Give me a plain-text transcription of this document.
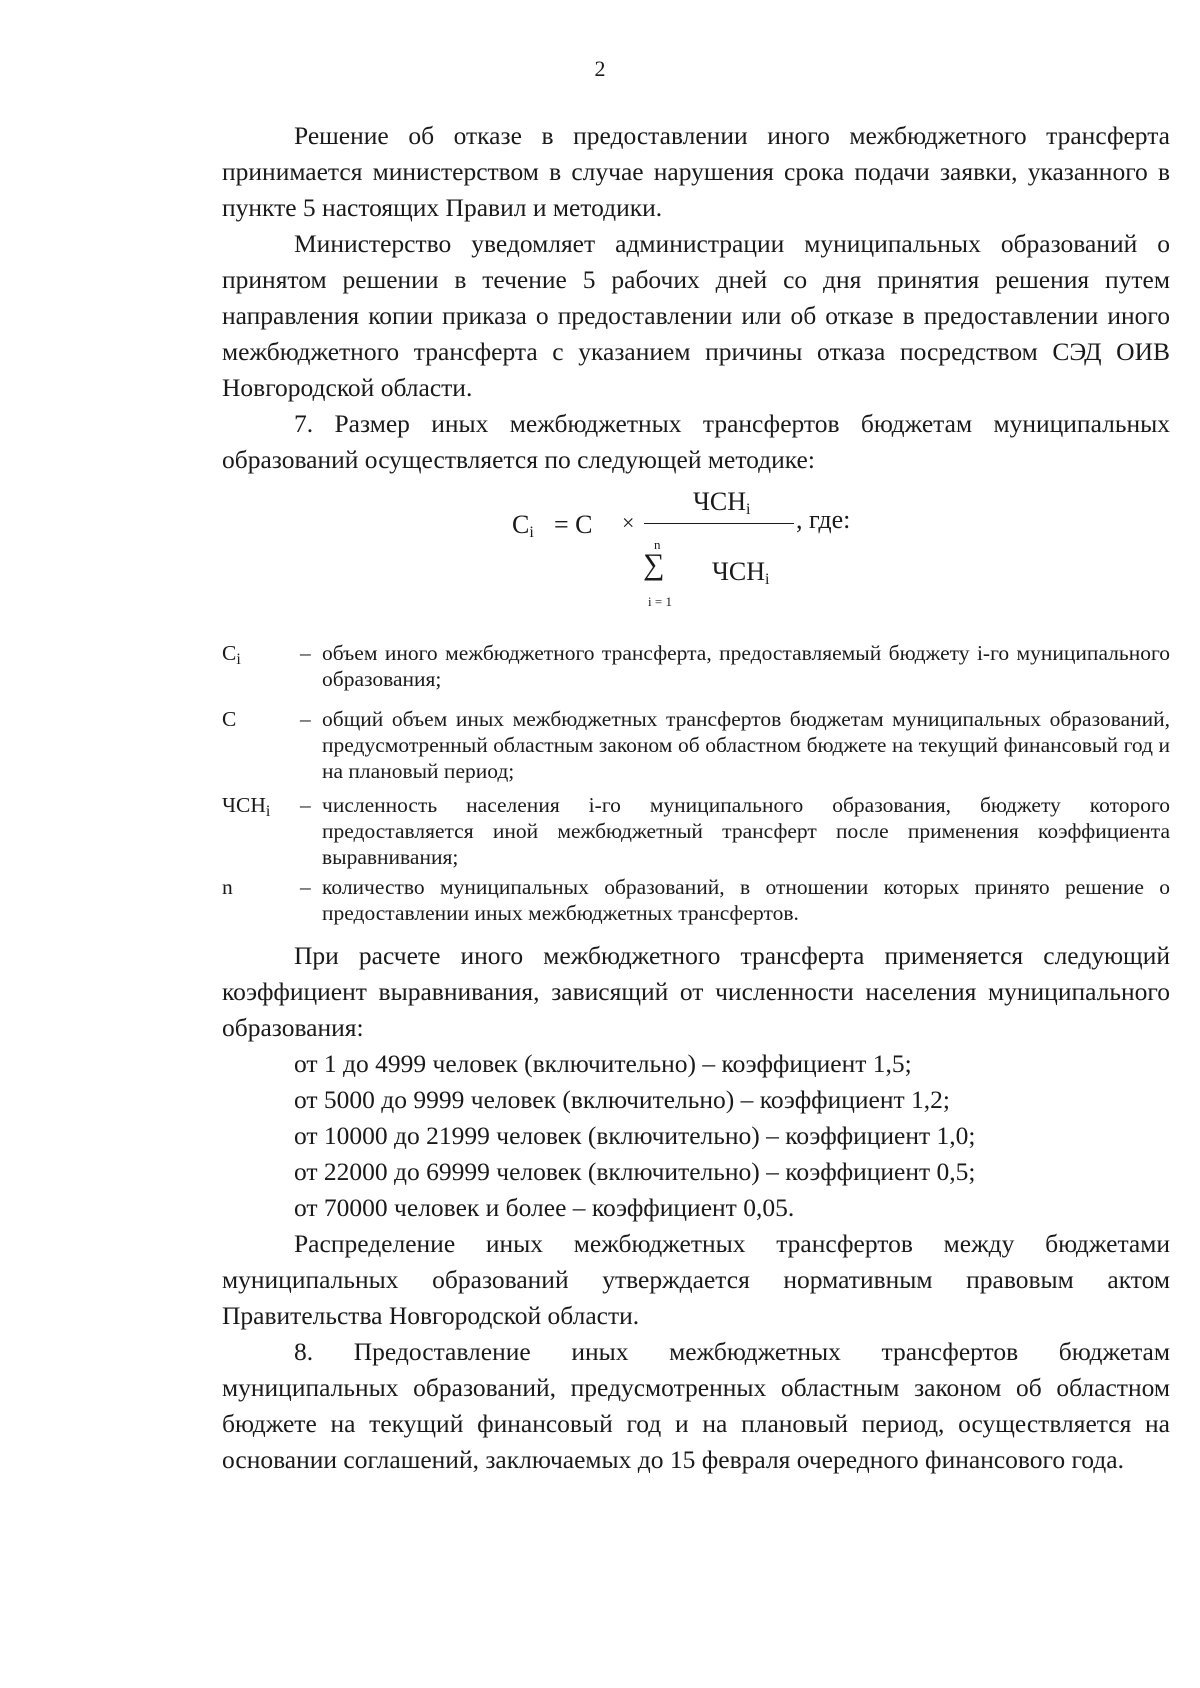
2

Решение об отказе в предоставлении иного межбюджетного трансферта принимается министерством в случае нарушения срока подачи заявки, указанного в пункте 5 настоящих Правил и методики.

Министерство уведомляет администрации муниципальных образований о принятом решении в течение 5 рабочих дней со дня принятия решения путем направления копии приказа о предоставлении или об отказе в предоставлении иного межбюджетного трансферта с указанием причины отказа посредством СЭД ОИВ Новгородской области.

7. Размер иных межбюджетных трансфертов бюджетам муниципальных образований осуществляется по следующей методике:

$C_i = C$ ×
$ЧСН_i$ , где:
n
∑
i = 1
$ЧСН_i$
$C_i$	– объем иного межбюджетного трансферта, предоставляемый бюджету i-го муниципального образования;
C	– общий объем иных межбюджетных трансфертов бюджетам муниципальных образований, предусмотренный областным законом об областном бюджете на текущий финансовый год и на плановый период;
$ЧСН_i$	– численность населения i-го муниципального образования, бюджету которого предоставляется иной межбюджетный трансферт после применения коэффициента выравнивания;
n	– количество муниципальных образований, в отношении которых принято решение о предоставлении иных межбюджетных трансфертов.

При расчете иного межбюджетного трансферта применяется следующий коэффициент выравнивания, зависящий от численности населения муниципального образования:

от 1 до 4999 человек (включительно) – коэффициент 1,5;

от 5000 до 9999 человек (включительно) – коэффициент 1,2;

от 10000 до 21999 человек (включительно) – коэффициент 1,0;

от 22000 до 69999 человек (включительно) – коэффициент 0,5;

от 70000 человек и более – коэффициент 0,05.

Распределение иных межбюджетных трансфертов между бюджетами муниципальных образований утверждается нормативным правовым актом Правительства Новгородской области.

8. Предоставление иных межбюджетных трансфертов бюджетам муниципальных образований, предусмотренных областным законом об областном бюджете на текущий финансовый год и на плановый период, осуществляется на основании соглашений, заключаемых до 15 февраля очередного финансового года.
